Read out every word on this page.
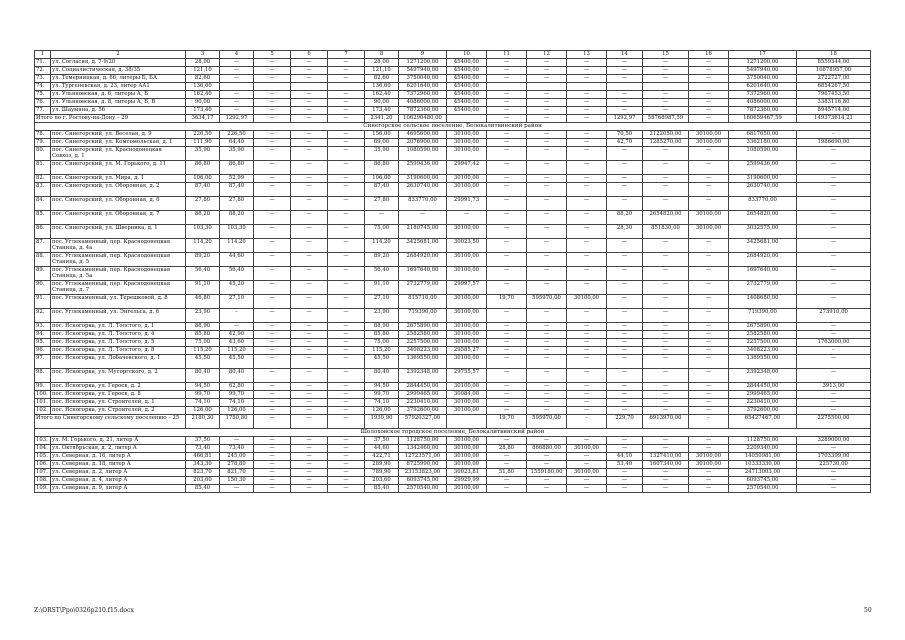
1	2	3	4	5	6	7	8	9	10	11	12	13	14	15	16	17	18
71.	ул. Согласия, д. 7-9/20	28,00	—	—	—	—	28,00	1271200,00	45400,00	—	—	—	—	—	—	1271200,00	8559344,00
72.	ул. Социалистическая, д. 38/35	121,10	—	—	—	—	121,10	5497940,00	45400,00	—	—	—	—	—	—	5497940,00	10878957,00
73.	ул. Темерницкая, д. 66, литеры Б, БА	82,60	—	—	—	—	82,60	3750040,00	45400,00	—	—	—	—	—	—	3750040,00	2722727,00
74.	ул. Тургеневская, д. 23, литер АА1	136,60					136,60	6201640,00	45400,00							6201640,00	6854267,50
75.	ул. Ульяновская, д. 6, литеры А, Б	162,40	—	—	—	—	162,40	7372960,00	45400,00	—	—	—	—	—	—	7372960,00	7967453,50
76.	ул. Ульяновская, д. 8, литеры А, Б, В	90,00	—	—	—	—	90,00	4086000,00	45400,00	—	—	—	—	—	—	4086000,00	3383116,80
77.	ул. Шаумяна, д. 56	173,40	—	—	—	—	173,40	7872360,00	45400,00	—	—	—	—	—	—	7872360,00	8945714,00
Итого по г. Ростову-на-Дону – 29		3634,17	1292,97	—	—	—	2341,20	106290480,00		—	—	—	1292,97	55768987,59	—	160659467,59	149373614,21
Синегорское сельское поселение, Белокалитвинский район																	
78.	пос. Синегорский, ул. Веселая, д. 9	226,50	226,50	—	—	—	156,00	4695600,00	30100,00	—	—	—	70,50	2122050,00	30100,00	6817650,00	–
79.	пос. Синегорский, ул. Комсомольская, д. 1	111,90	64,40	—	—	—	69,00	2076900,00	30100,00	—	—	—	42,70	1285270,00	30100,00	3362180,00	1986690,00
80.	пос. Синегорский, ул. Краснодонецкая Совхоз, д. 1	35,90	35,90	—	—	—	35,90	1080590,00	30100,00	—	—	—	—	—	—	1080590,00	—
81.	пос. Синегорский, ул. М. Горького, д. 11	86,80	86,80	—	—	—	86,80	2599436,00	29947,42	—	—	—	—	—	—	2599436,00	—
82.	пос. Синегорский, ул. Мира, д. 1	106,00	52,99	—	—	—	106,00	3190600,00	30100,00	—	—	—	—	—	—	3190600,00	—
83.	пос. Синегорский, ул. Оборонная, д. 2	87,40	87,40	—	—	—	87,40	2630740,00	30100,00	—	—	—	—	—	—	2630740,00	—
84.	пос. Синегорский, ул. Оборонная, д. 6	27,80	27,80	—	—	—	27,80	833770,00	29991,73	—	—	—	—	—	—	833770,00	—
85.	пос. Синегорский, ул. Оборонная, д. 7	88,20	88,20	—	—	—	—	—	—	—	—	—	88,20	2654820,00	30100,00	2654820,00	—
86.	пос. Синегорский, ул. Шверника, д. 1	103,30	103,30	—	—	—	75,00	2180745,00	30100,00	—	—	—	28,30	851830,00	30100,00	3032575,00	—
87.	пос. Углекаменный, пер. Краснодонецкая Станица, д. 4а	114,20	114,20	—	—	—	114,20	3425681,00	30023,50	—	—	—	—	—	—	3425681,00	—
88.	пос. Углекаменный, пер. Краснодонецкая Станица, д. 5	89,20	44,60	—	—	—	89,20	2684920,00	30100,00	—	—	—	—	—	—	2684920,00	—
89.	пос. Углекаменный, пер. Краснодонецкая Станица, д. 5а	56,40	56,40	—	—	—	56,40	1697640,00	30100,00	—	—	—	—	—	—	1697640,00	—
90.	пос. Углекаменный, пер. Краснодонецкая Станица, д. 7	91,10	45,20	—	—	—	91,10	2732779,00	29997,57	—	—	—	—	—	—	2732779,00	—
91.	пос. Углекаменный, ул. Терешковой, д. 8	46,80	27,10	—	—	—	27,10	815710,00	30100,00	19,70	595970,00	30100,00	—	—	—	1408680,00	—
92.	пос. Углекаменный, ул. Энгельса, д. 6	23,90	–	—	—	—	23,90	719390,00	30100,00	—	—	—	—	—	—	719390,00	273910,00
93.	пос. Ясногорка, ул. Л. Толстого, д. 1	88,90	—	—	—	—	88,90	2675890,00	30100,00	—	—	—	—	—	—	2675890,00	—
94.	пос. Ясногорка, ул. Л. Толстого, д. 4	85,80	42,90	—	—	—	85,80	2582580,00	30100,00	—	—	—	—	—	—	2582580,00	—
95.	пос. Ясногорка, ул. Л. Толстого, д. 5	75,00	43,60	—	—	—	75,00	2257500,00	30100,00	—	—	—	—	—	—	2257500,00	1763000,00
96.	пос. Ясногорка, ул. Л. Толстого, д. 8	115,20	115,20	—	—	—	115,20	3408223,00	29585,27	—	—	—	—	—	—	3408223,00	–
97.	пос. Ясногорка, ул. Лобачевского, д. 1	45,50	45,50	—	—	—	45,50	1369550,00	30100,00	—	—	—	—	—	—	1369550,00	—
98.	пос. Ясногорка, ул. Мусоргского, д. 2	80,40	80,40	—	—	—	80,40	2392348,00	29755,57	—	—	—	—	—	—	2392348,00	—
99.	пос. Ясногорка, ул. Героев, д. 2	94,50	62,80	—	—	—	94,50	2844450,00	30100,00	—	—	—	—	—	—	2844450,00	3913,00
100.	пос. Ясногорка, ул. Героев, д. 8	99,70	99,70	—	—	—	99,70	2999465,00	30084,00	—	—	—	—	—	—	2999465,00	—
101.	пос. Ясногорка, ул. Строителей, д. 1	74,10	74,10	—	—	—	74,10	2230410,00	30100,00	—	—	—	—	—	—	2230410,00	—
102.	пос. Ясногорка, ул. Строителей, д. 2	126,00	126,00	—	—	—	126,00	3792600,00	30100,00	—	—	—	—	—	—	3792600,00	—
Итого по Синегорскому сельскому поселению – 25		2180,30	1750,80	—	—	—	1930,90	57920327,00		19,70	595970,00	–	229,70	6913970,00	–	65427467,00	2275500,00
Шолоховское городское поселение, Белокалитвинский район																	
103.	ул. М. Горького, д. 21, литер А	37,50	—	—	—	—	37,50	1128750,00	30100,00	—	—	—	—	—	—	1128750,00	3289000,00
104.	ул. Октябрьская, д. 2, литер А	73,40	73,40	—	—	—	44,60	1342460,00	30100,00	28,80	866880,00	30100,00	—	—	—	2209340,00	—
105.	ул. Северная, д. 16, литер А	466,81	245,00	—	—	—	422,71	12723571,00	30100,00	—	—	—	44,10	1327410,00	30100,00	14050981,00	1703399,00
106.	ул. Северная, д. 18, литер А	343,30	278,80	—	—	—	289,90	8725990,00	30100,00	—	—	—	53,40	1607340,00	30100,00	10333330,00	225730,00
107.	ул. Северная, д. 2, литер А	823,70	821,70	—	—	—	789,90	23153823,00	30023,81	51,80	1559180,00	30100,00	—	—	—	24713003,00	—
108.	ул. Северная, д. 4, литер А	203,60	150,30	—	—	—	203,60	6093745,00	29929,99	—	—	—	—	—	—	6093745,00	—
109.	ул. Северная, д. 9, литер А	85,40	—	—	—	—	85,40	2570540,00	30100,00	—	—	—	—	—	—	2570540,00	—
Z:\ORST\Ppo\0326p210.f15.docx	50
